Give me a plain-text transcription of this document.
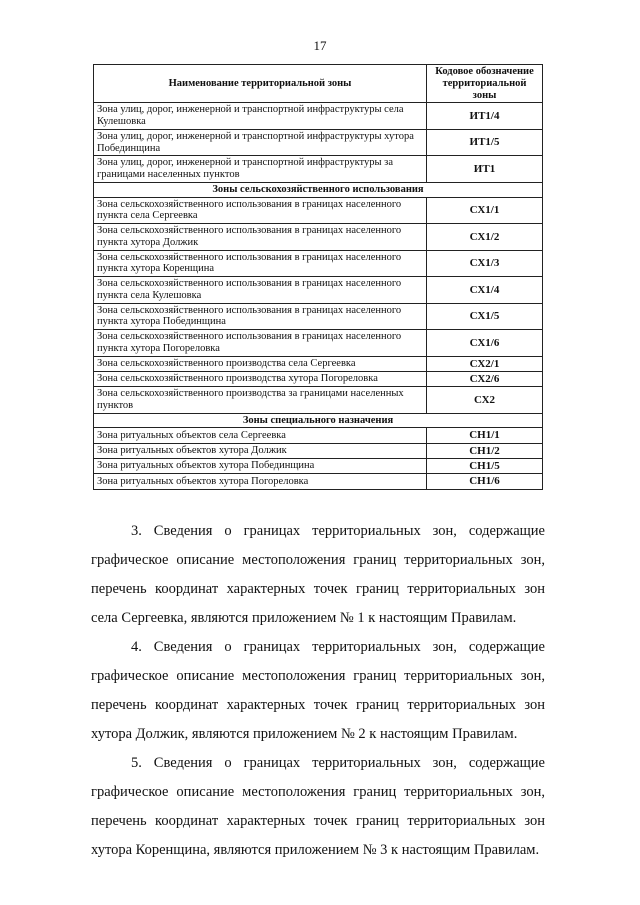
17
Наименование территориальной зоны	Кодовое обозначение территориальной зоны
Зона улиц, дорог, инженерной и транспортной инфраструктуры села Кулешовка	ИТ1/4
Зона улиц, дорог, инженерной и транспортной инфраструктуры хутора Побединщина	ИТ1/5
Зона улиц, дорог, инженерной и транспортной инфраструктуры за границами населенных пунктов	ИТ1
Зоны сельскохозяйственного использования	
Зона сельскохозяйственного использования в границах населенного пункта села Сергеевка	СХ1/1
Зона сельскохозяйственного использования в границах населенного пункта хутора Должик	СХ1/2
Зона сельскохозяйственного использования в границах населенного пункта хутора Коренщина	СХ1/3
Зона сельскохозяйственного использования в границах населенного пункта села Кулешовка	СХ1/4
Зона сельскохозяйственного использования в границах населенного пункта хутора Побединщина	СХ1/5
Зона сельскохозяйственного использования в границах населенного пункта хутора Погореловка	СХ1/6
Зона сельскохозяйственного производства села Сергеевка	СХ2/1
Зона сельскохозяйственного производства хутора Погореловка	СХ2/6
Зона сельскохозяйственного производства за границами населенных пунктов	СХ2
Зоны специального назначения	
Зона ритуальных объектов села Сергеевка	СН1/1
Зона ритуальных объектов хутора Должик	СН1/2
Зона ритуальных объектов хутора Побединщина	СН1/5
Зона ритуальных объектов хутора Погореловка	СН1/6

3. Сведения о границах территориальных зон, содержащие графическое описание местоположения границ территориальных зон, перечень координат характерных точек границ территориальных зон села Сергеевка, являются приложением № 1 к настоящим Правилам.

4. Сведения о границах территориальных зон, содержащие графическое описание местоположения границ территориальных зон, перечень координат характерных точек границ территориальных зон хутора Должик, являются приложением № 2 к настоящим Правилам.

5. Сведения о границах территориальных зон, содержащие графическое описание местоположения границ территориальных зон, перечень координат характерных точек границ территориальных зон хутора Коренщина, являются приложением № 3 к настоящим Правилам.
